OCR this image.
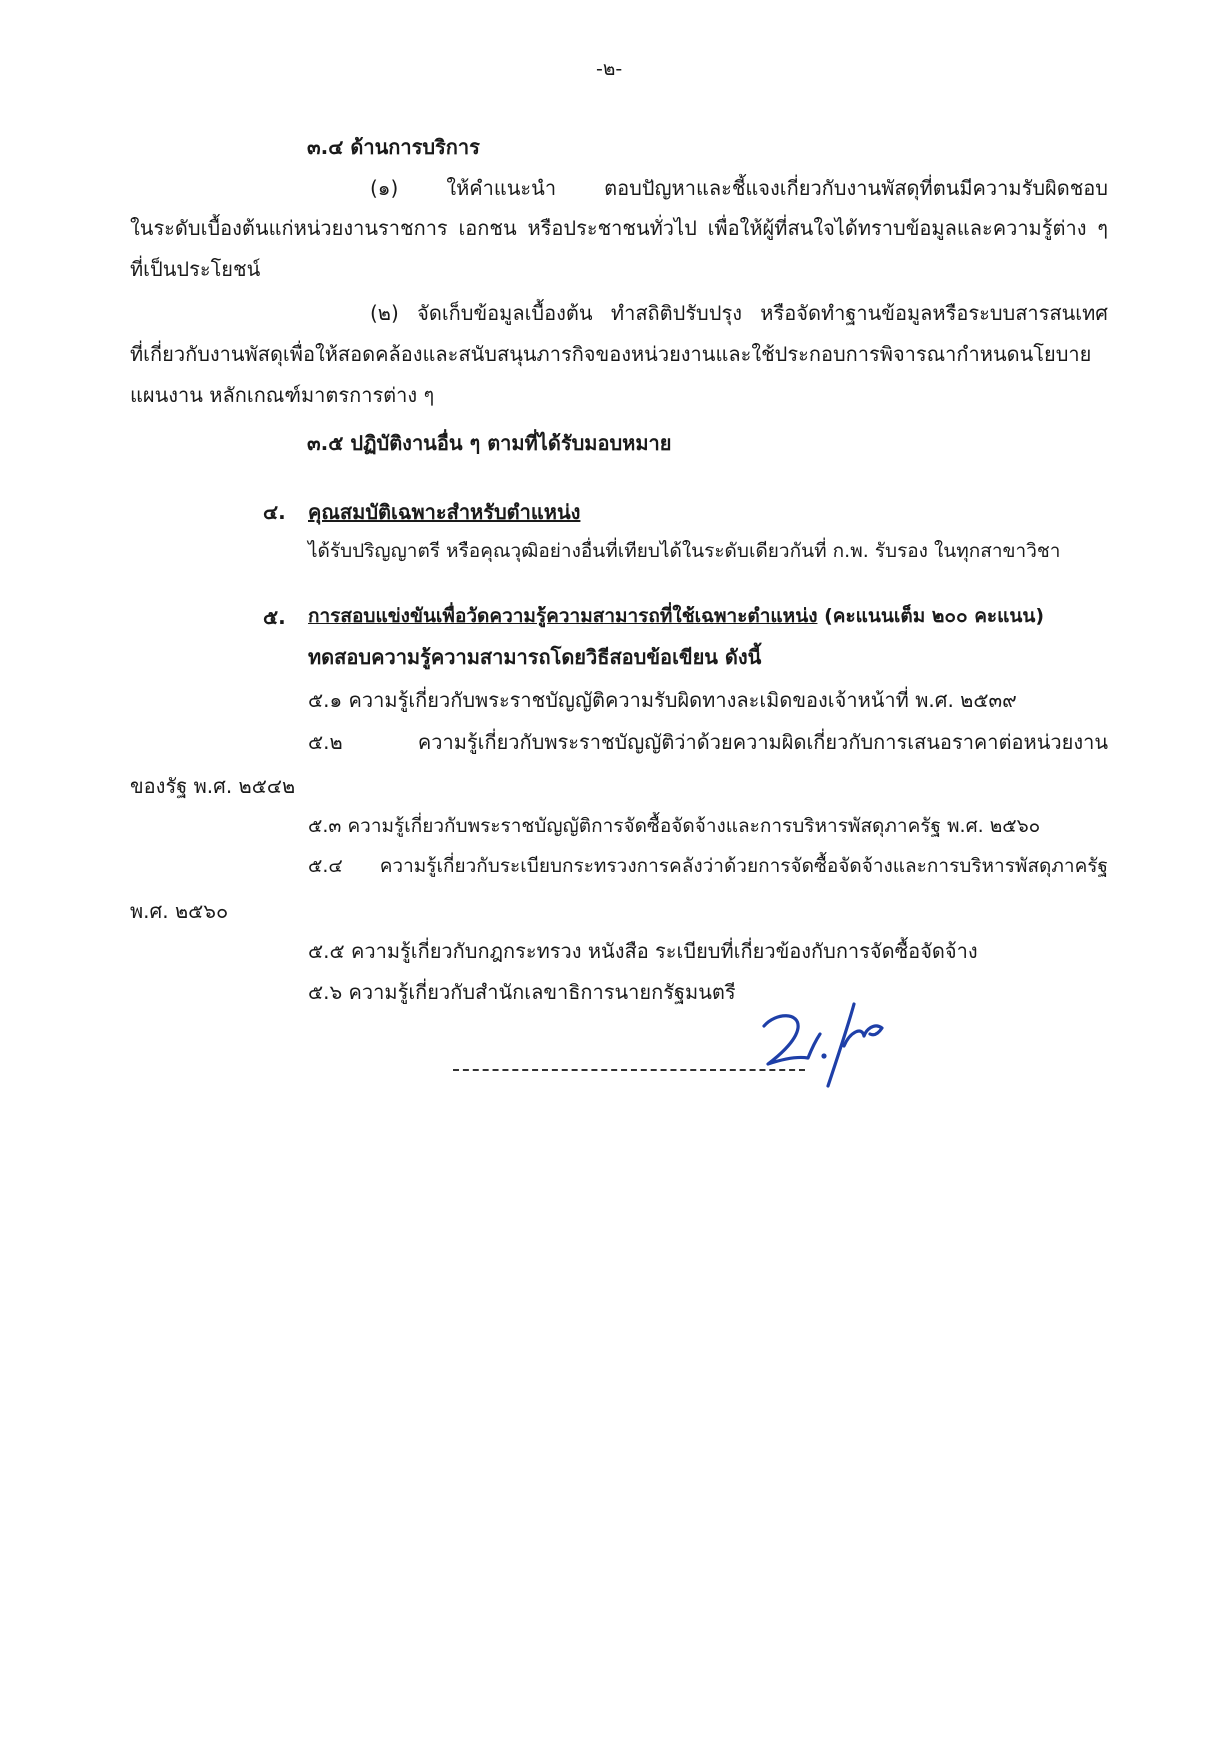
-๒-
๓.๔ ด้านการบริการ
(๑) ให้คำแนะนำ ตอบปัญหาและชี้แจงเกี่ยวกับงานพัสดุที่ตนมีความรับผิดชอบ
ในระดับเบื้องต้นแก่หน่วยงานราชการ เอกชน หรือประชาชนทั่วไป เพื่อให้ผู้ที่สนใจได้ทราบข้อมูลและความรู้ต่าง ๆ
ที่เป็นประโยชน์
(๒) จัดเก็บข้อมูลเบื้องต้น ทำสถิติปรับปรุง หรือจัดทำฐานข้อมูลหรือระบบสารสนเทศ
ที่เกี่ยวกับงานพัสดุเพื่อให้สอดคล้องและสนับสนุนภารกิจของหน่วยงานและใช้ประกอบการพิจารณากำหนดนโยบาย
แผนงาน หลักเกณฑ์มาตรการต่าง ๆ
๓.๕ ปฏิบัติงานอื่น ๆ ตามที่ได้รับมอบหมาย
๔. คุณสมบัติเฉพาะสำหรับตำแหน่ง
ได้รับปริญญาตรี หรือคุณวุฒิอย่างอื่นที่เทียบได้ในระดับเดียวกันที่ ก.พ. รับรอง ในทุกสาขาวิชา
๕. การสอบแข่งขันเพื่อวัดความรู้ความสามารถที่ใช้เฉพาะตำแหน่ง (คะแนนเต็ม ๒๐๐ คะแนน)
ทดสอบความรู้ความสามารถโดยวิธีสอบข้อเขียน ดังนี้
๕.๑ ความรู้เกี่ยวกับพระราชบัญญัติความรับผิดทางละเมิดของเจ้าหน้าที่ พ.ศ. ๒๕๓๙
๕.๒ ความรู้เกี่ยวกับพระราชบัญญัติว่าด้วยความผิดเกี่ยวกับการเสนอราคาต่อหน่วยงาน
ของรัฐ พ.ศ. ๒๕๔๒
๕.๓ ความรู้เกี่ยวกับพระราชบัญญัติการจัดซื้อจัดจ้างและการบริหารพัสดุภาครัฐ พ.ศ. ๒๕๖๐
๕.๔ ความรู้เกี่ยวกับระเบียบกระทรวงการคลังว่าด้วยการจัดซื้อจัดจ้างและการบริหารพัสดุภาครัฐ
พ.ศ. ๒๕๖๐
๕.๕ ความรู้เกี่ยวกับกฎกระทรวง หนังสือ ระเบียบที่เกี่ยวข้องกับการจัดซื้อจัดจ้าง
๕.๖ ความรู้เกี่ยวกับสำนักเลขาธิการนายกรัฐมนตรี
